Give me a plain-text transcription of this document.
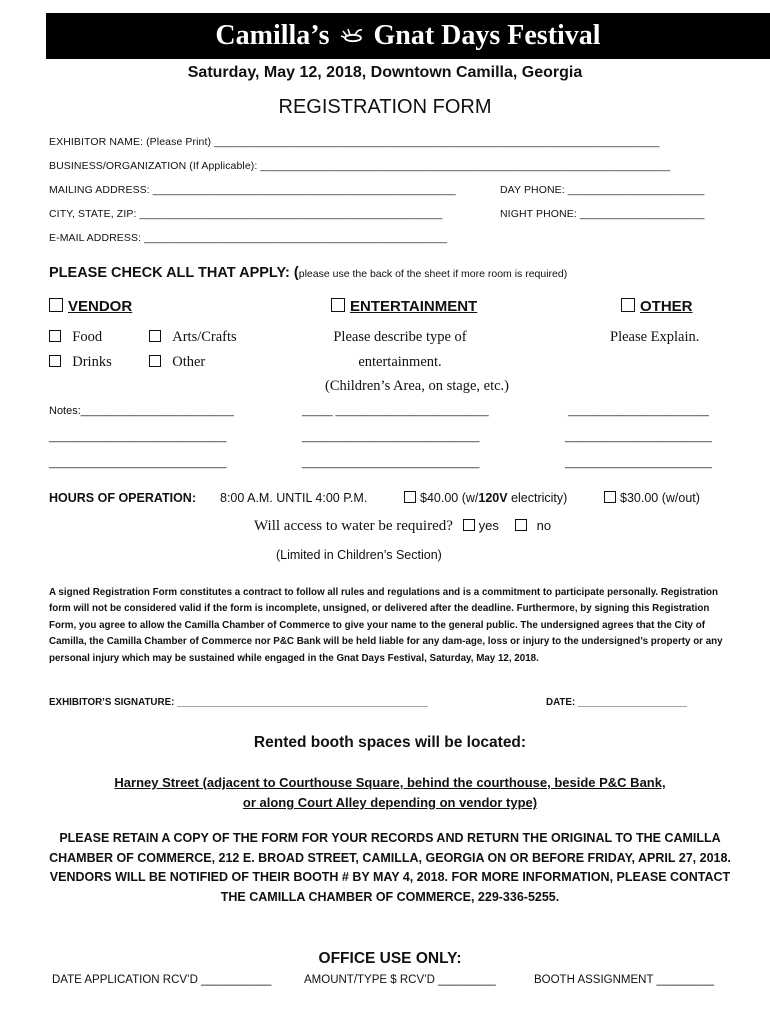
Camilla’s Gnat Days Festival
Saturday, May 12, 2018, Downtown Camilla, Georgia
REGISTRATION FORM
EXHIBITOR NAME: (Please Print) ___________________________________________________________________________
BUSINESS/ORGANIZATION (If Applicable): _____________________________________________________________________
MAILING ADDRESS: ___________________________________________________	DAY PHONE: _______________________
CITY, STATE, ZIP: ___________________________________________________	NIGHT PHONE: _____________________
E-MAIL ADDRESS: ___________________________________________________
PLEASE CHECK ALL THAT APPLY: (please use the back of the sheet if more room is required)
VENDOR	ENTERTAINMENT	OTHER
Food	Arts/Crafts
Drinks	Other
Please describe type of
entertainment.
(Children’s Area, on stage, etc.)
Please Explain.
Notes:_________________________	_____ _________________________	_______________________
_____________________________	_____________________________	________________________
_____________________________	_____________________________	________________________
HOURS OF OPERATION: 8:00 A.M. UNTIL 4:00 P.M.	$40.00 (w/120V electricity)	$30.00 (w/out)
Will access to water be required? yes	no
(Limited in Children’s Section)
A signed Registration Form constitutes a contract to follow all rules and regulations and is a commitment to participate personally. Registration form will not be considered valid if the form is incomplete, unsigned, or delivered after the deadline. Furthermore, by signing this Registration Form, you agree to allow the Camilla Chamber of Commerce to give your name to the general public. The undersigned agrees that the City of Camilla, the Camilla Chamber of Commerce nor P&C Bank will be held liable for any dam-age, loss or injury to the undersigned’s property or any personal injury which may be sustained while engaged in the Gnat Days Festival, Saturday, May 12, 2018.
EXHIBITOR’S SIGNATURE: ______________________________________________	DATE: ____________________
Rented booth spaces will be located:
Harney Street (adjacent to Courthouse Square, behind the courthouse, beside P&C Bank,
or along Court Alley depending on vendor type)
PLEASE RETAIN A COPY OF THE FORM FOR YOUR RECORDS AND RETURN THE ORIGINAL TO THE CAMILLA CHAMBER OF COMMERCE, 212 E. BROAD STREET, CAMILLA, GEORGIA ON OR BEFORE FRIDAY, APRIL 27, 2018. VENDORS WILL BE NOTIFIED OF THEIR BOOTH # BY MAY 4, 2018. FOR MORE INFORMATION, PLEASE CONTACT THE CAMILLA CHAMBER OF COMMERCE, 229-336-5255.
OFFICE USE ONLY:
DATE APPLICATION RCV’D ___________	AMOUNT/TYPE $ RCV’D _________	BOOTH ASSIGNMENT _________
